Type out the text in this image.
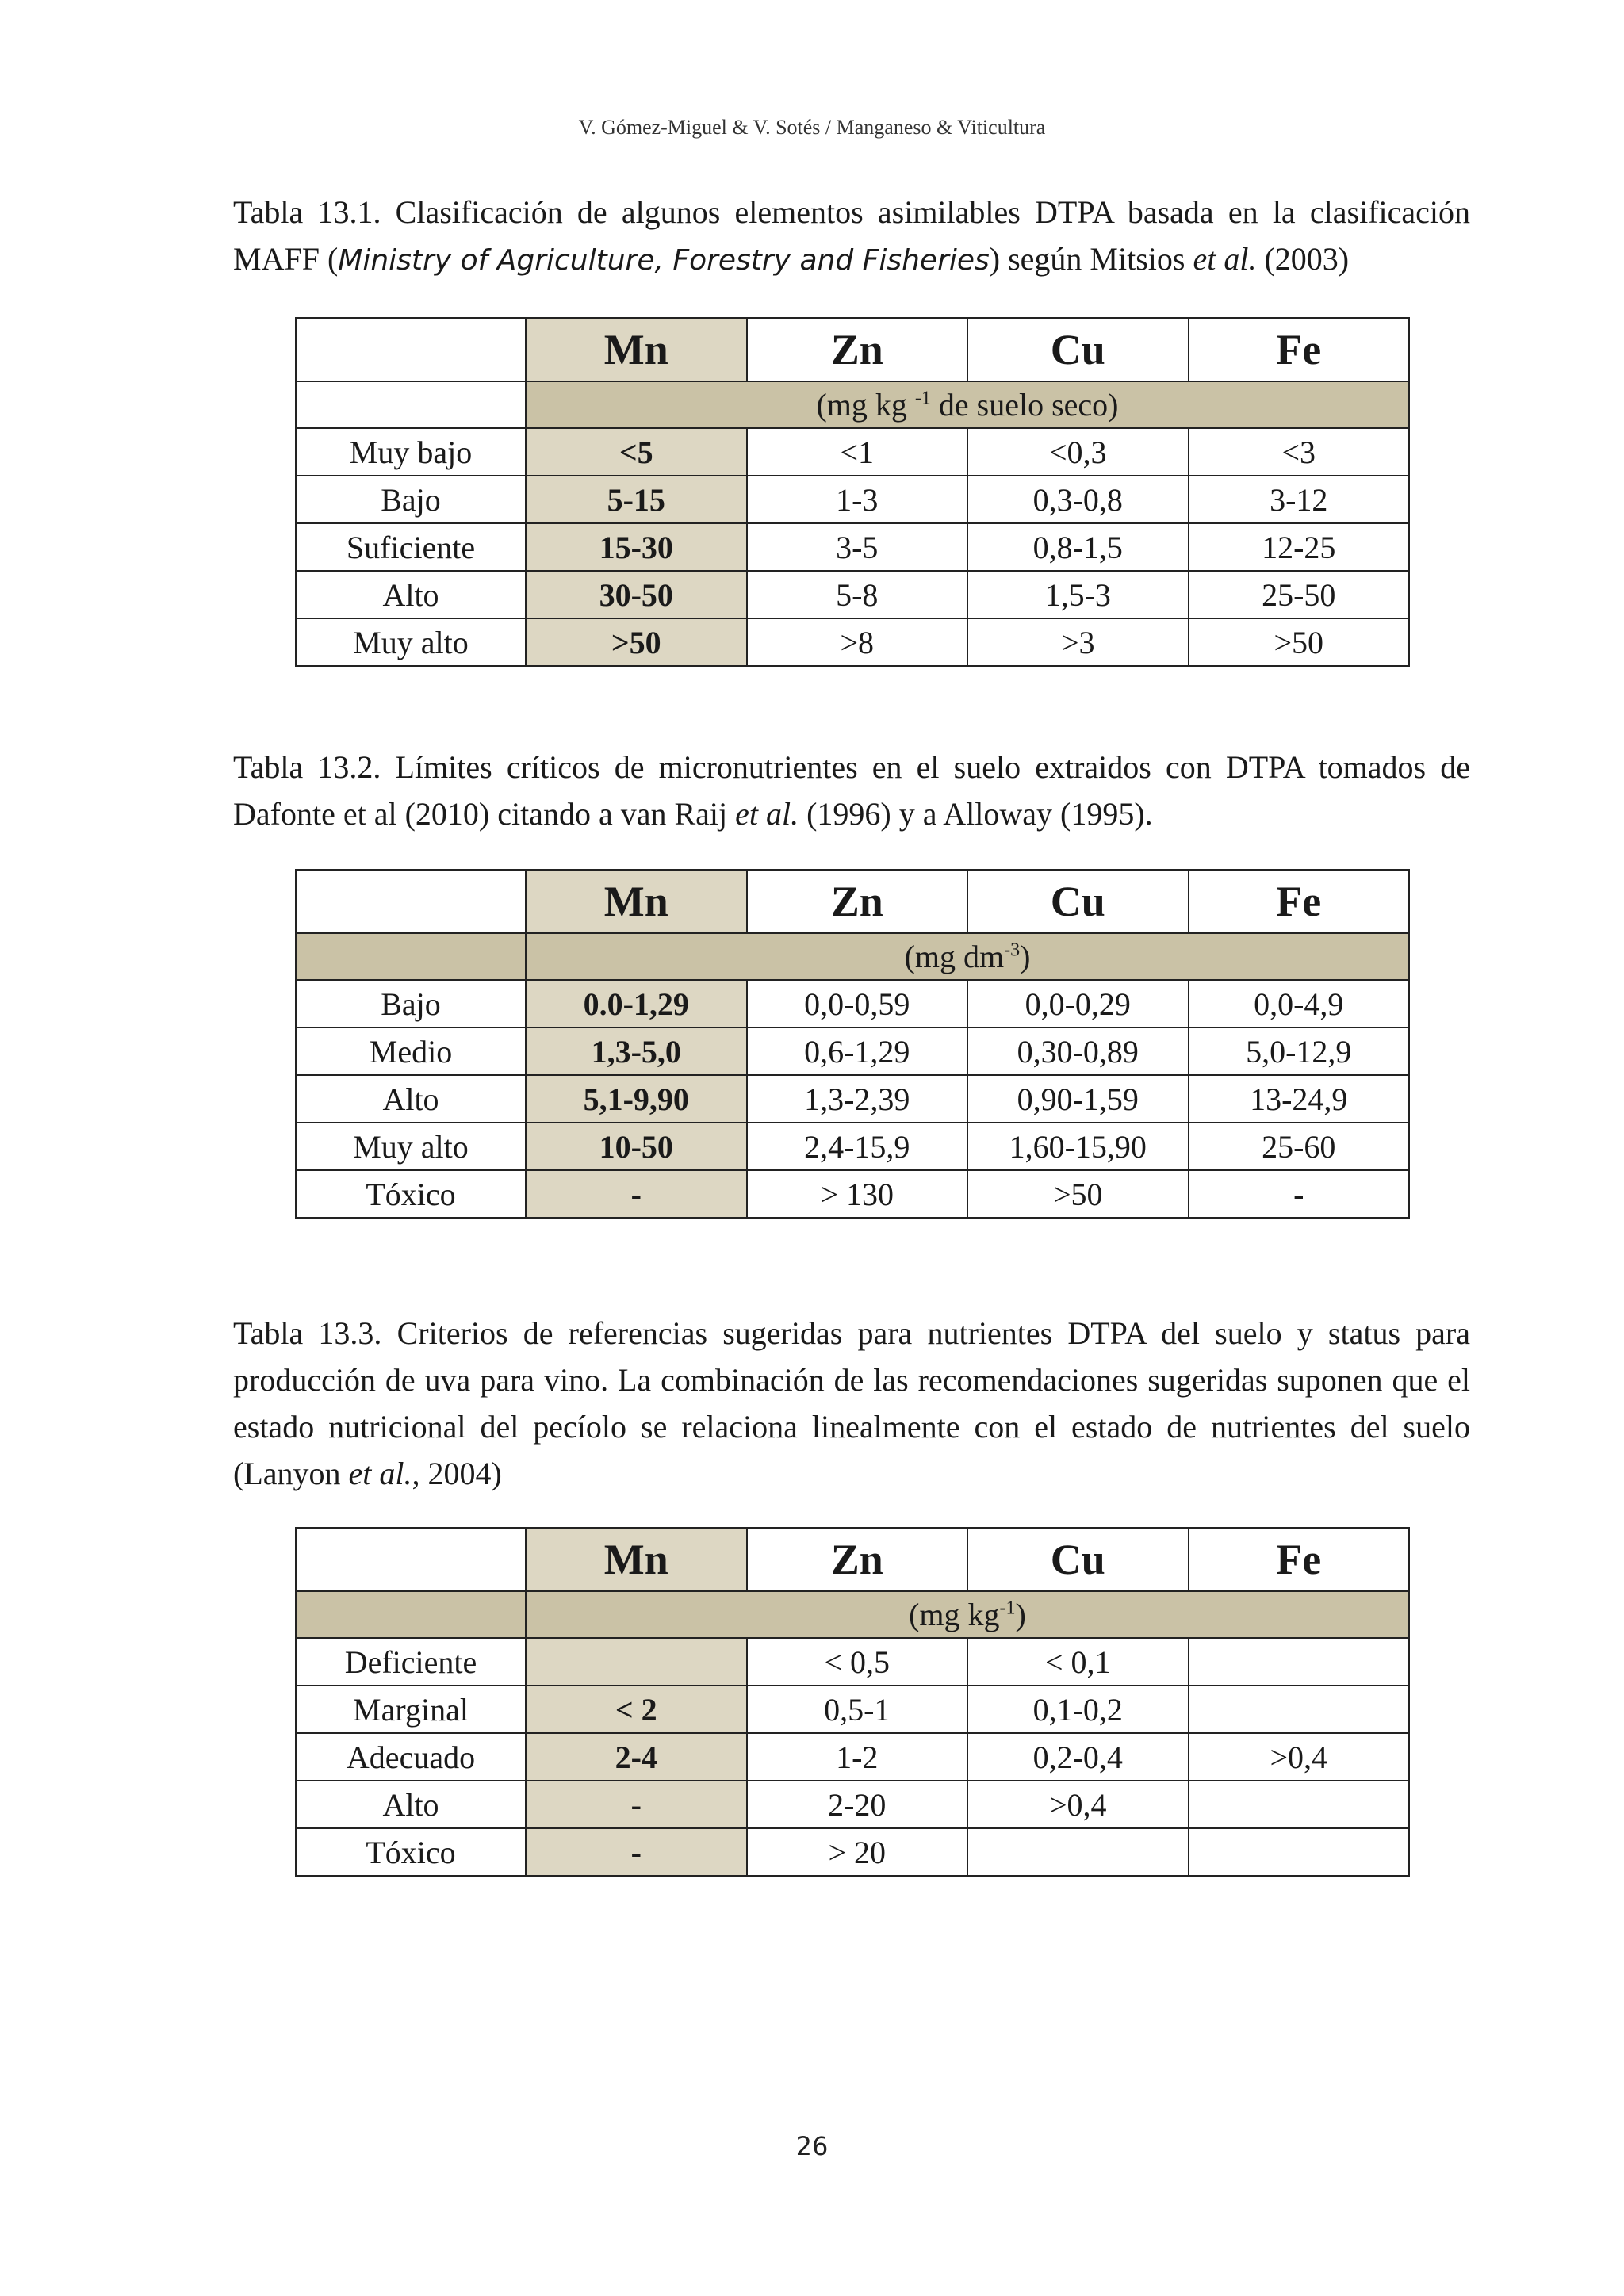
V. Gómez-Miguel & V. Sotés / Manganeso & Viticultura
Tabla 13.1. Clasificación de algunos elementos asimilables DTPA basada en la clasificación MAFF (Ministry of Agriculture, Forestry and Fisheries) según Mitsios et al. (2003)
	Mn	Zn	Cu	Fe
	(mg kg $^{-1}$ de suelo seco)			
Muy bajo	<5	<1	<0,3	<3
Bajo	5-15	1-3	0,3-0,8	3-12
Suficiente	15-30	3-5	0,8-1,5	12-25
Alto	30-50	5-8	1,5-3	25-50
Muy alto	>50	>8	>3	>50
Tabla 13.2. Límites críticos de micronutrientes en el suelo extraidos con DTPA tomados de Dafonte et al (2010) citando a van Raij et al. (1996) y a Alloway (1995).
	Mn	Zn	Cu	Fe
	(mg $dm^{-3}$)			
Bajo	0.0-1,29	0,0-0,59	0,0-0,29	0,0-4,9
Medio	1,3-5,0	0,6-1,29	0,30-0,89	5,0-12,9
Alto	5,1-9,90	1,3-2,39	0,90-1,59	13-24,9
Muy alto	10-50	2,4-15,9	1,60-15,90	25-60
Tóxico	-	> 130	>50	-
Tabla 13.3. Criterios de referencias sugeridas para nutrientes DTPA del suelo y status para producción de uva para vino. La combinación de las recomendaciones sugeridas suponen que el estado nutricional del pecíolo se relaciona linealmente con el estado de nutrientes del suelo (Lanyon et al., 2004)
	Mn	Zn	Cu	Fe
	(mg $kg^{-1}$)			
Deficiente		< 0,5	< 0,1	
Marginal	< 2	0,5-1	0,1-0,2	
Adecuado	2-4	1-2	0,2-0,4	>0,4
Alto	-	2-20	>0,4	
Tóxico	-	> 20		
26
